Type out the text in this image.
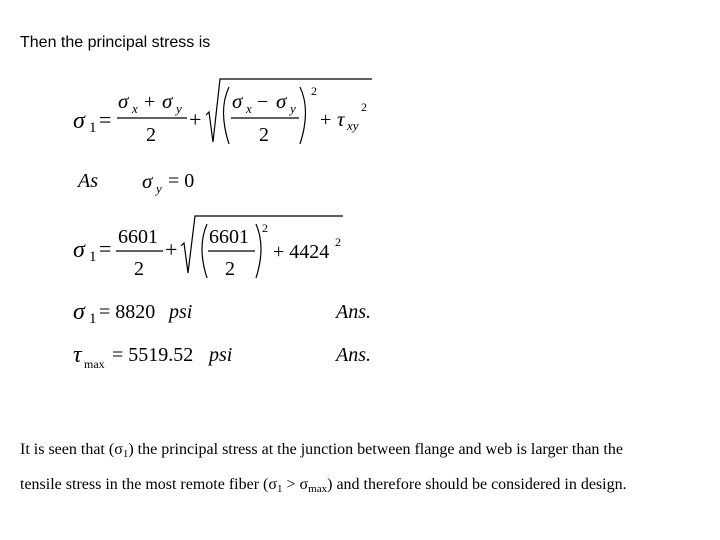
Then the principal stress is
σ 1 =
σ x + σ y
2
+
σ x − σ y
2
2
+ τ xy
2
As σ y = 0
σ 1 = 6601
2
+ 6601
2
2
+ 4424 2
σ 1 = 8820 psi	Ans.
τ max = 5519.52 psi	Ans.
It is seen that $(\sigma_1)$ the principal stress at the junction between flange and web is larger than the
tensile stress in the most remote fiber $(\sigma_1 > \sigma_{max})$ and therefore should be considered in design.
